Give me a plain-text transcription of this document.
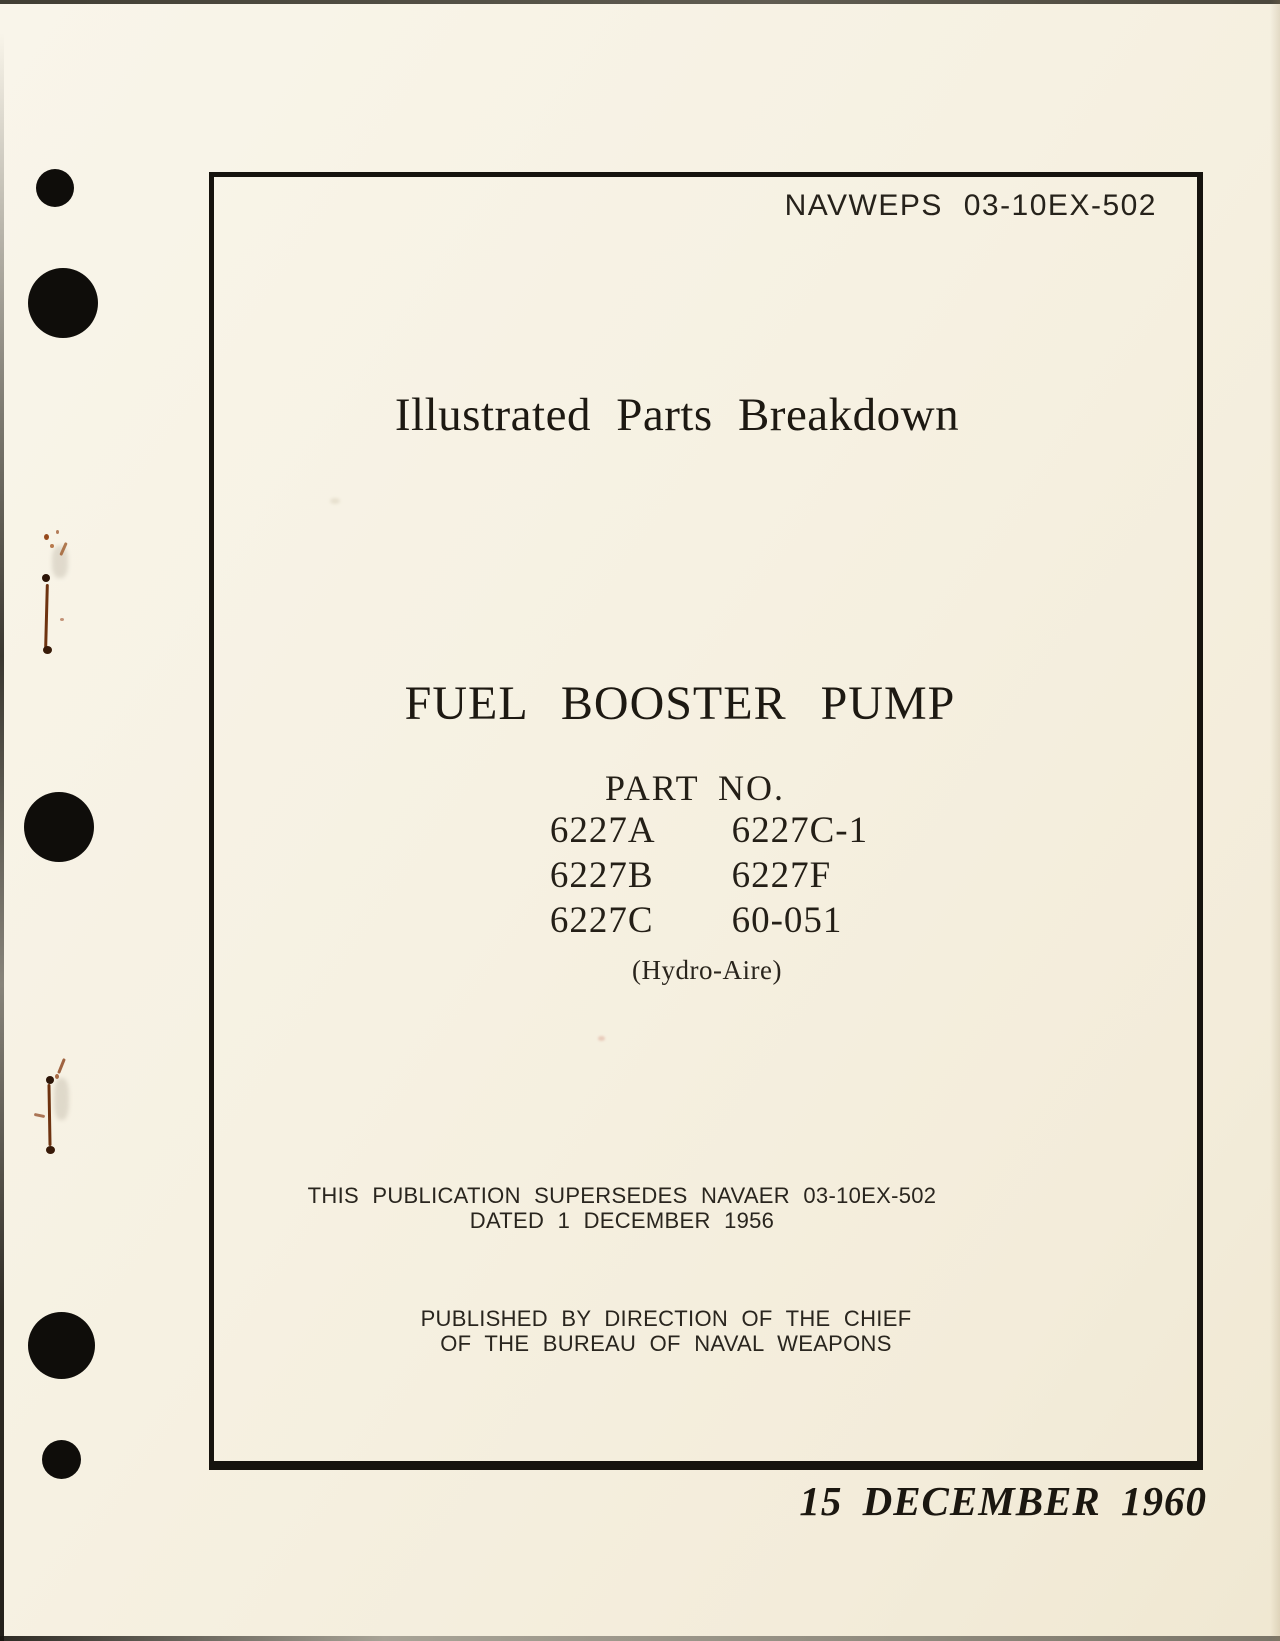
NAVWEPS 03-10EX-502
Illustrated Parts Breakdown
FUEL BOOSTER PUMP
PART NO.
6227A
6227B
6227C
6227C-1
6227F
60-051
(Hydro-Aire)
THIS PUBLICATION SUPERSEDES NAVAER 03-10EX-502
DATED 1 DECEMBER 1956
PUBLISHED BY DIRECTION OF THE CHIEF
OF THE BUREAU OF NAVAL WEAPONS
15 DECEMBER 1960
